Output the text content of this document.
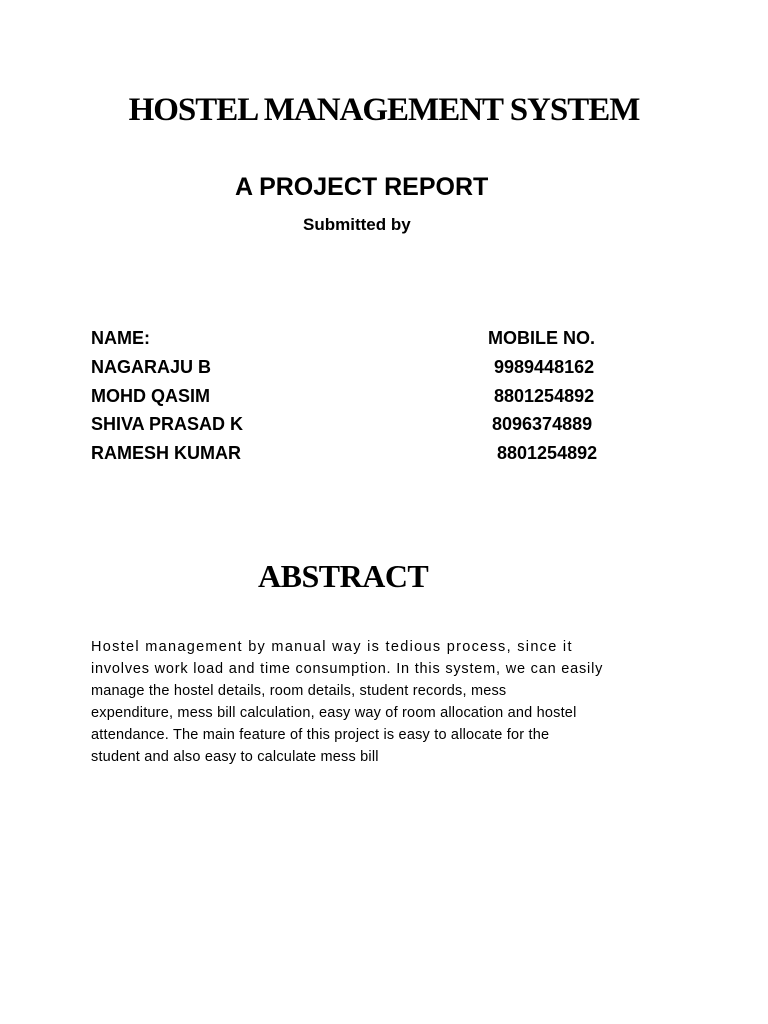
HOSTEL MANAGEMENT SYSTEM
A PROJECT REPORT
Submitted by
NAME:	MOBILE NO.
NAGARAJU B	9989448162
MOHD QASIM	8801254892
SHIVA PRASAD K	8096374889
RAMESH KUMAR	8801254892
ABSTRACT
Hostel management by manual way is tedious process, since it
involves work load and time consumption. In this system, we can easily
manage the hostel details, room details, student records, mess
expenditure, mess bill calculation, easy way of room allocation and hostel
attendance. The main feature of this project is easy to allocate for the
student and also easy to calculate mess bill
